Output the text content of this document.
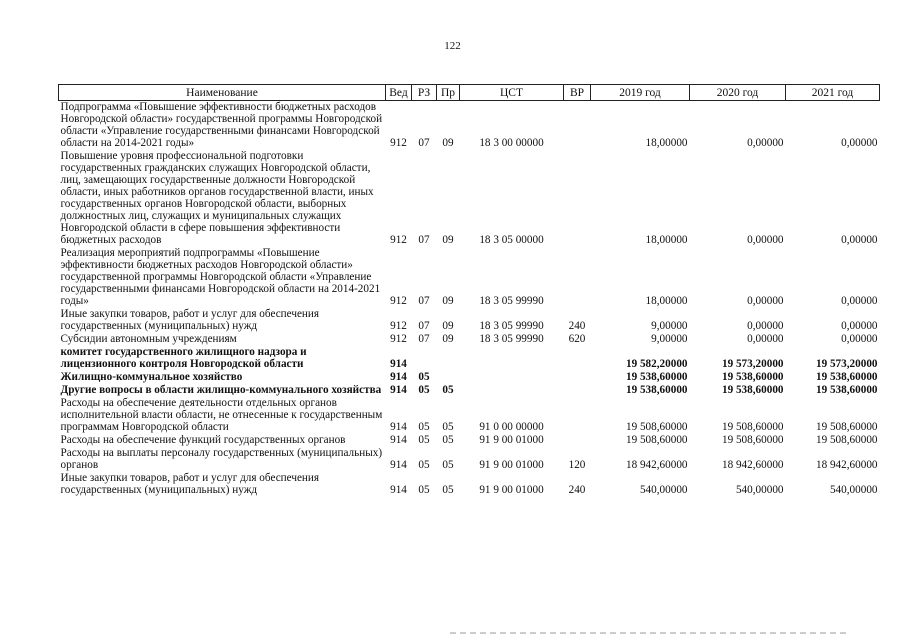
122
Наименование	Вед	РЗ	Пр	ЦСТ	ВР	2019 год	2020 год	2021 год
Подпрограмма «Повышение эффективности бюджетных расходов Новгородской области» государственной программы Новгородской области «Управление государственными финансами Новгородской области на 2014-2021 годы»	912	07	09	18 3 00 00000		18,00000	0,00000	0,00000
Повышение уровня профессиональной подготовки государственных гражданских служащих Новгородской области, лиц, замещающих государственные должности Новгородской области, иных работников органов государственной власти, иных государственных органов Новгородской области, выборных должностных лиц, служащих и муниципальных служащих Новгородской области в сфере повышения эффективности бюджетных расходов	912	07	09	18 3 05 00000		18,00000	0,00000	0,00000
Реализация мероприятий подпрограммы «Повышение эффективности бюджетных расходов Новгородской области» государственной программы Новгородской области «Управление государственными финансами Новгородской области на 2014-2021 годы»	912	07	09	18 3 05 99990		18,00000	0,00000	0,00000
Иные закупки товаров, работ и услуг для обеспечения государственных (муниципальных) нужд	912	07	09	18 3 05 99990	240	9,00000	0,00000	0,00000
Субсидии автономным учреждениям	912	07	09	18 3 05 99990	620	9,00000	0,00000	0,00000
комитет государственного жилищного надзора и лицензионного контроля Новгородской области	914					19 582,20000	19 573,20000	19 573,20000
Жилищно-коммунальное хозяйство	914	05				19 538,60000	19 538,60000	19 538,60000
Другие вопросы в области жилищно-коммунального хозяйства	914	05	05			19 538,60000	19 538,60000	19 538,60000
Расходы на обеспечение деятельности отдельных органов исполнительной власти области, не отнесенные к государственным программам Новгородской области	914	05	05	91 0 00 00000		19 508,60000	19 508,60000	19 508,60000
Расходы на обеспечение функций государственных органов	914	05	05	91 9 00 01000		19 508,60000	19 508,60000	19 508,60000
Расходы на выплаты персоналу государственных (муниципальных) органов	914	05	05	91 9 00 01000	120	18 942,60000	18 942,60000	18 942,60000
Иные закупки товаров, работ и услуг для обеспечения государственных (муниципальных) нужд	914	05	05	91 9 00 01000	240	540,00000	540,00000	540,00000
